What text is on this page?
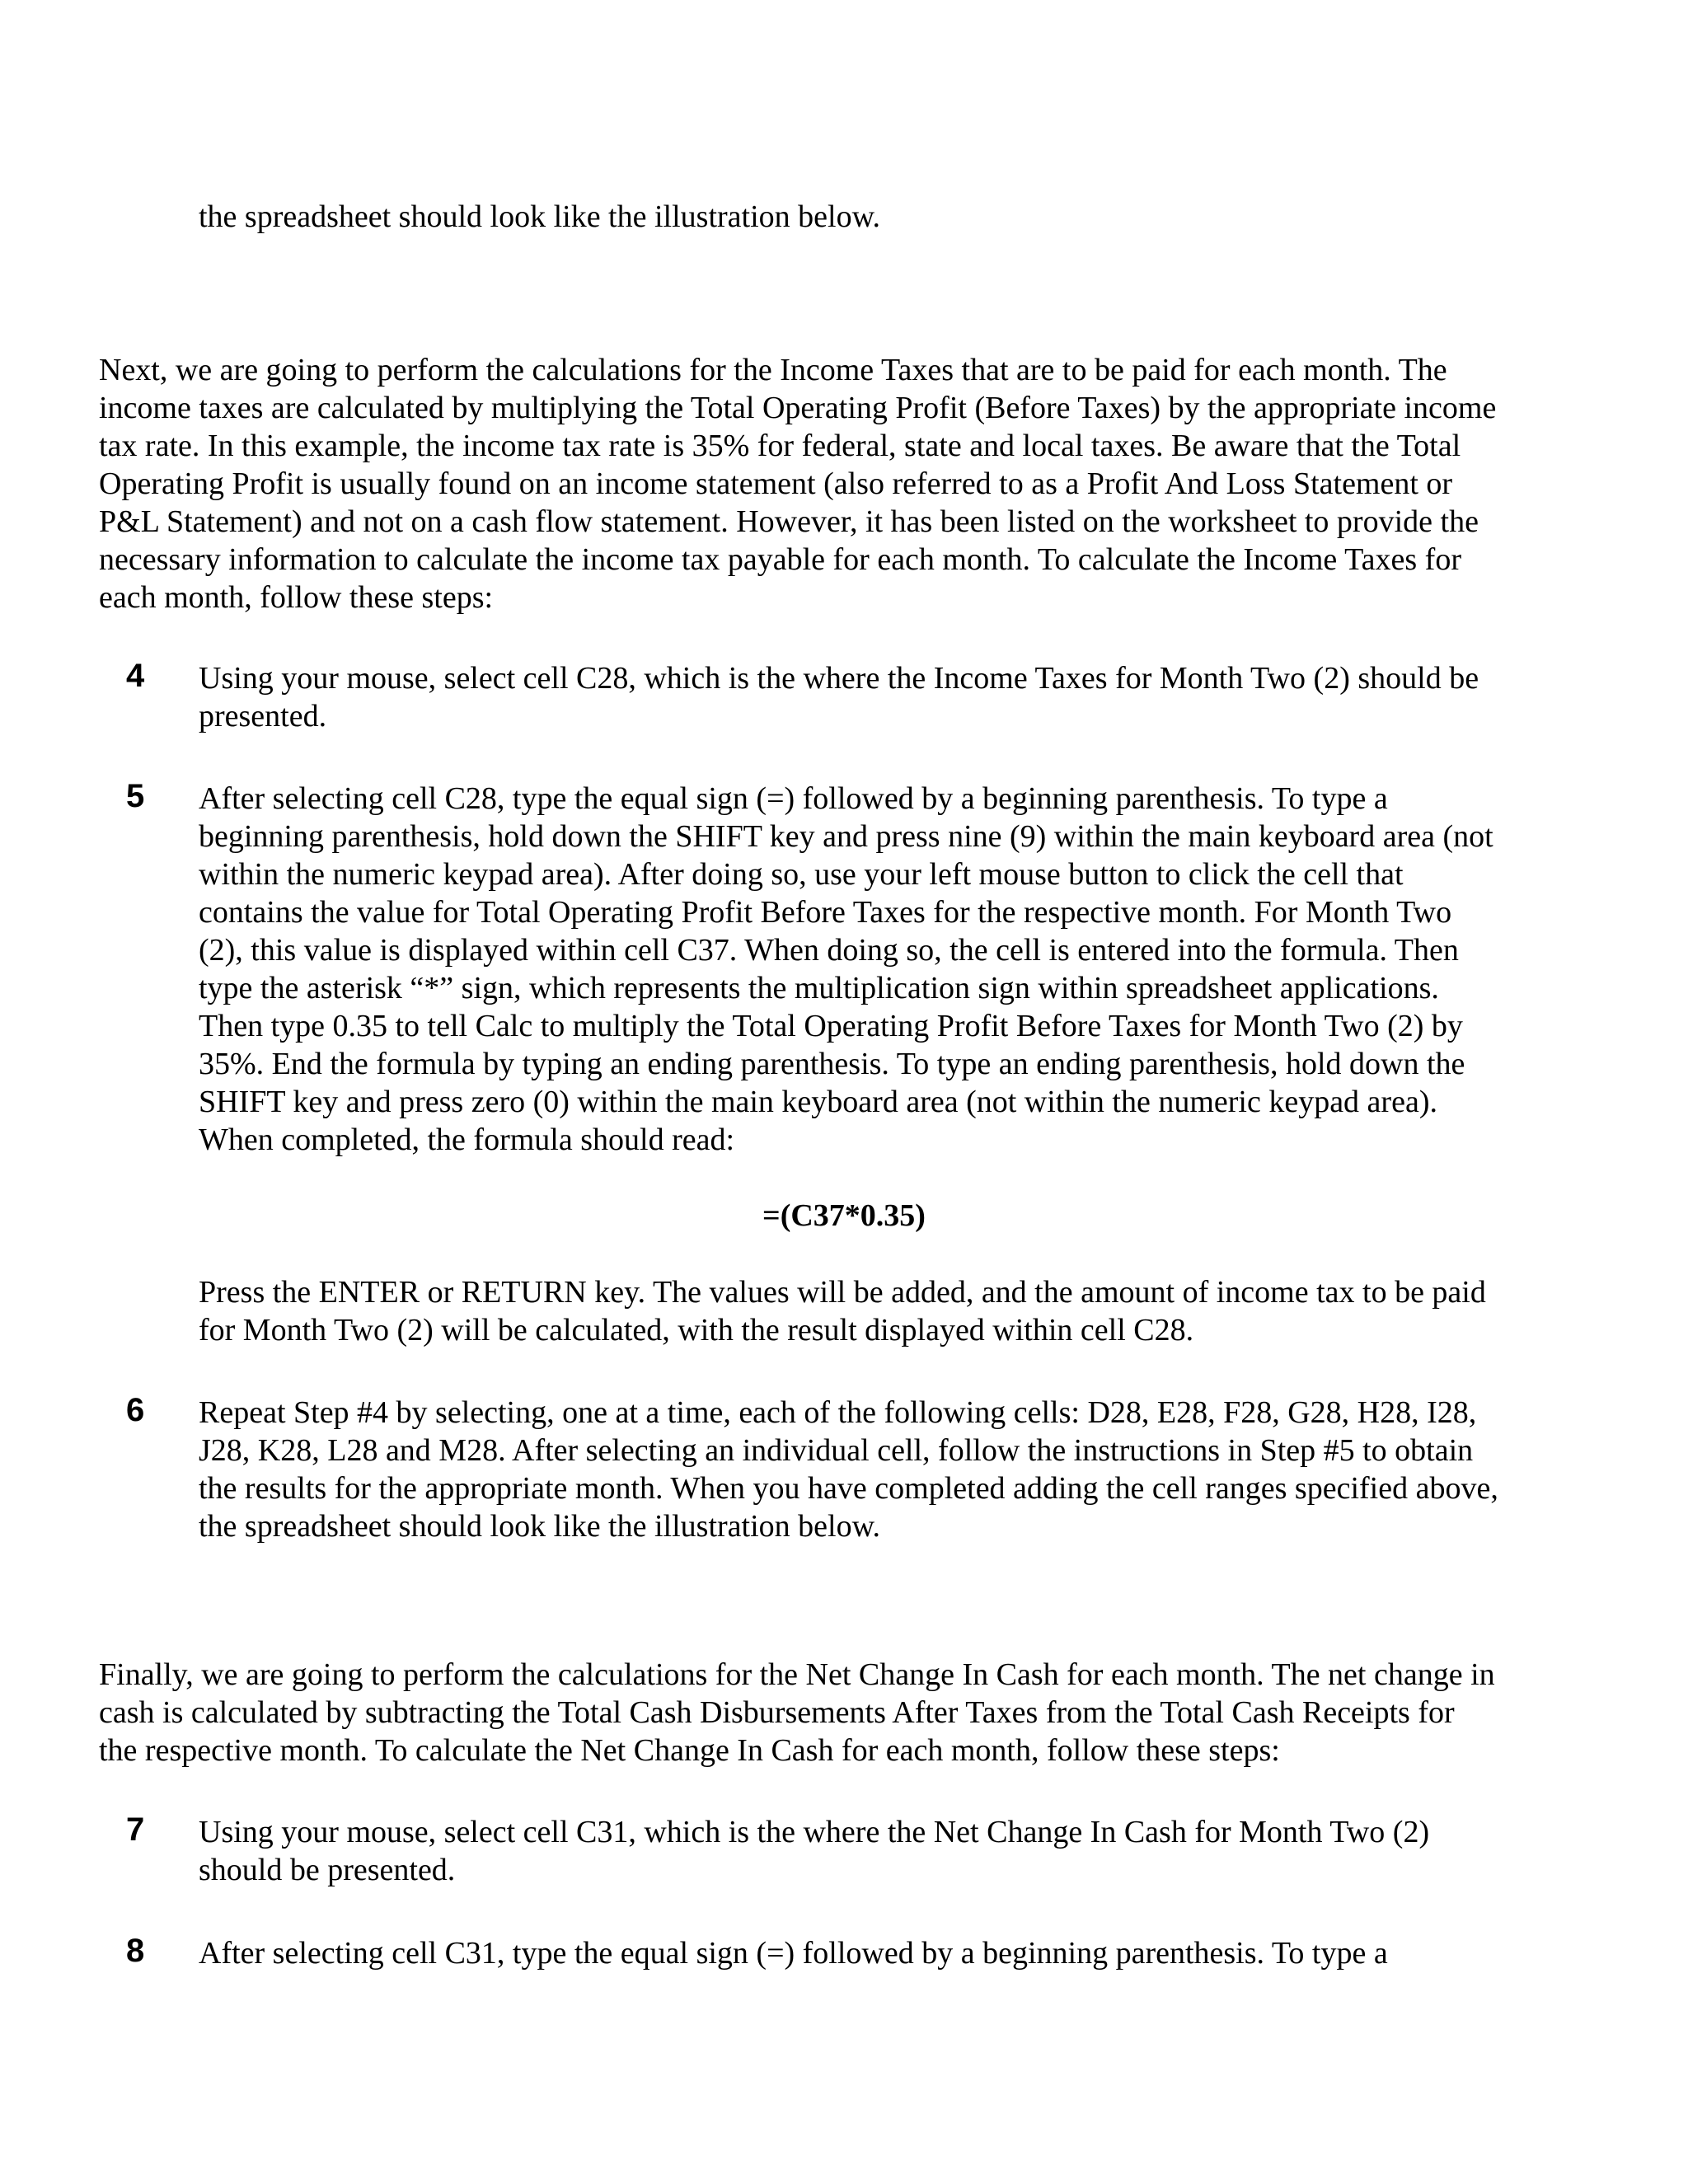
the spreadsheet should look like the illustration below.

Next, we are going to perform the calculations for the Income Taxes that are to be paid for each month. The
income taxes are calculated by multiplying the Total Operating Profit (Before Taxes) by the appropriate income
tax rate. In this example, the income tax rate is 35% for federal, state and local taxes. Be aware that the Total
Operating Profit is usually found on an income statement (also referred to as a Profit And Loss Statement or
P&L Statement) and not on a cash flow statement. However, it has been listed on the worksheet to provide the
necessary information to calculate the income tax payable for each month. To calculate the Income Taxes for
each month, follow these steps:

4 Using your mouse, select cell C28, which is the where the Income Taxes for Month Two (2) should be
presented.
5 After selecting cell C28, type the equal sign (=) followed by a beginning parenthesis. To type a
beginning parenthesis, hold down the SHIFT key and press nine (9) within the main keyboard area (not
within the numeric keypad area). After doing so, use your left mouse button to click the cell that
contains the value for Total Operating Profit Before Taxes for the respective month. For Month Two
(2), this value is displayed within cell C37. When doing so, the cell is entered into the formula. Then
type the asterisk “*” sign, which represents the multiplication sign within spreadsheet applications.
Then type 0.35 to tell Calc to multiply the Total Operating Profit Before Taxes for Month Two (2) by
35%. End the formula by typing an ending parenthesis. To type an ending parenthesis, hold down the
SHIFT key and press zero (0) within the main keyboard area (not within the numeric keypad area).
When completed, the formula should read:
=(C37*0.35)
Press the ENTER or RETURN key. The values will be added, and the amount of income tax to be paid
for Month Two (2) will be calculated, with the result displayed within cell C28.
6 Repeat Step #4 by selecting, one at a time, each of the following cells: D28, E28, F28, G28, H28, I28,
J28, K28, L28 and M28. After selecting an individual cell, follow the instructions in Step #5 to obtain
the results for the appropriate month. When you have completed adding the cell ranges specified above,
the spreadsheet should look like the illustration below.

Finally, we are going to perform the calculations for the Net Change In Cash for each month. The net change in
cash is calculated by subtracting the Total Cash Disbursements After Taxes from the Total Cash Receipts for
the respective month. To calculate the Net Change In Cash for each month, follow these steps:

7 Using your mouse, select cell C31, which is the where the Net Change In Cash for Month Two (2)
should be presented.
8 After selecting cell C31, type the equal sign (=) followed by a beginning parenthesis. To type a
